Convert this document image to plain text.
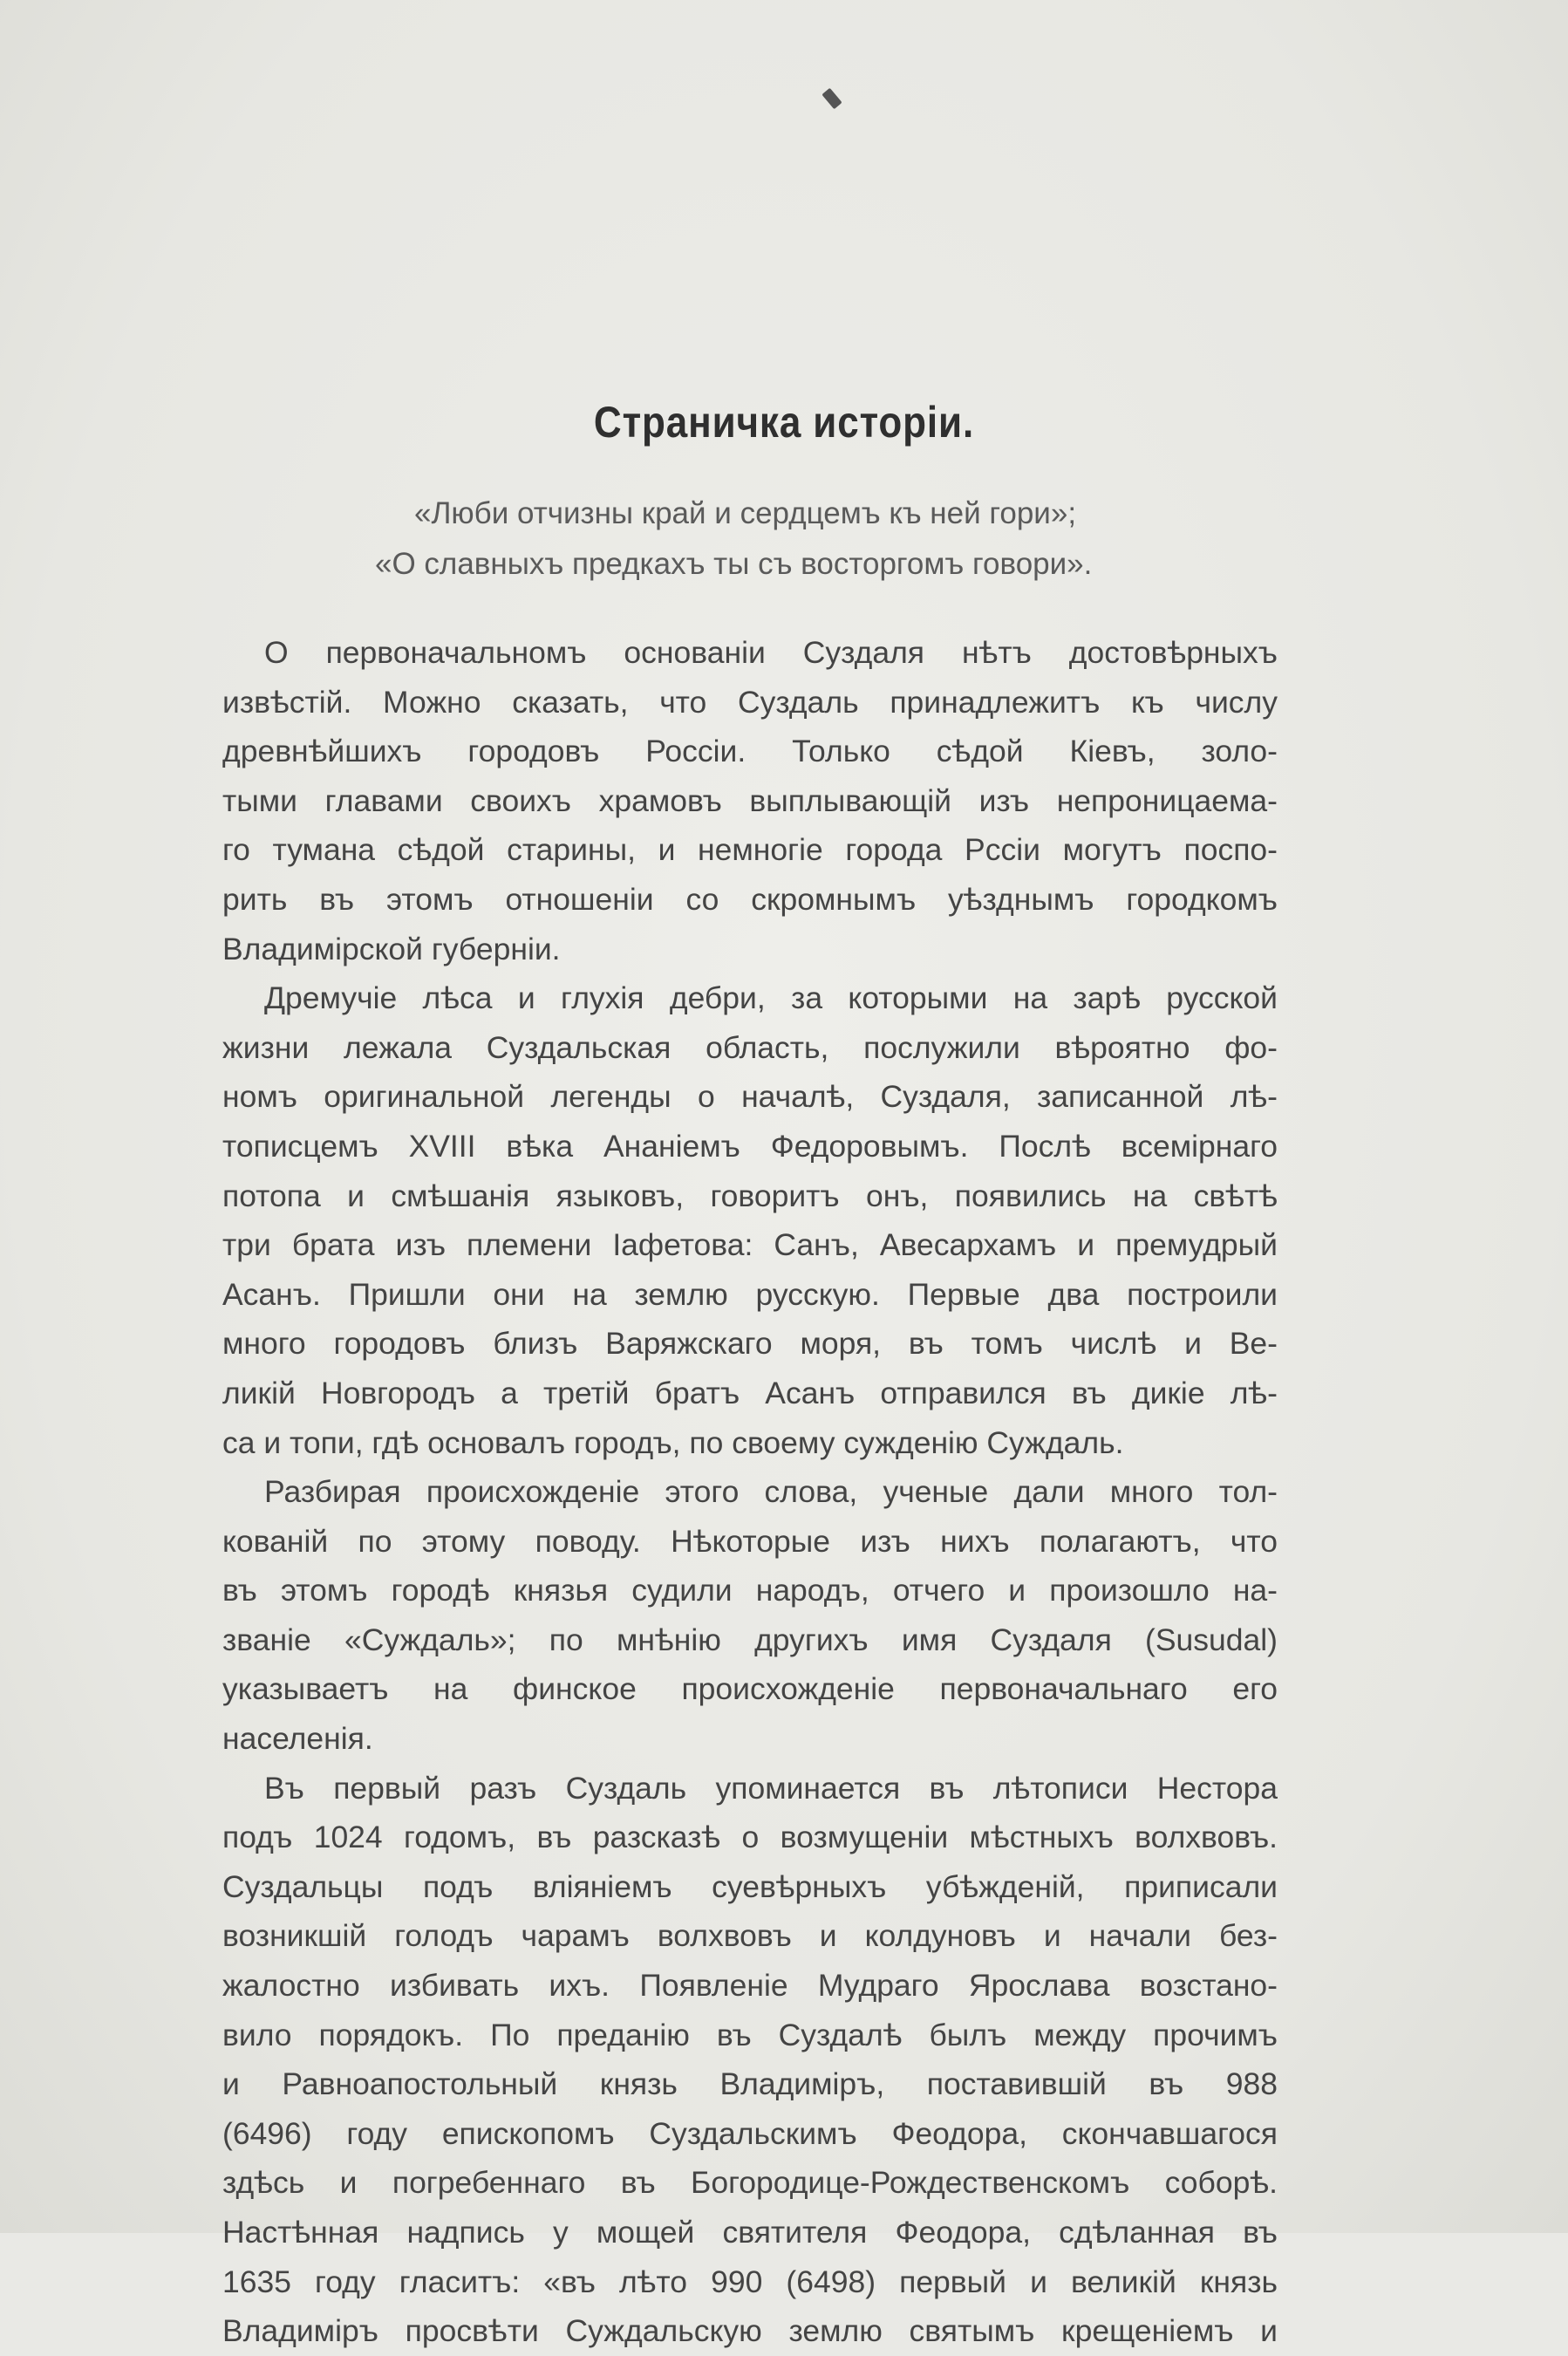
Страничка исторіи.
«Люби отчизны край и сердцемъ къ ней гори»;
«О славныхъ предкахъ ты съ восторгомъ говори».
О первоначальномъ основаніи Суздаля нѣтъ достовѣрныхъ
извѣстій. Можно сказать, что Суздаль принадлежитъ къ числу
древнѣйшихъ городовъ Россіи. Только сѣдой Кіевъ, золо-
тыми главами своихъ храмовъ выплывающій изъ непроницаема-
го тумана сѣдой старины, и немногіе города Рссіи могутъ поспо-
рить въ этомъ отношеніи со скромнымъ уѣзднымъ городкомъ
Владимірской губерніи.
Дремучіе лѣса и глухія дебри, за которыми на зарѣ русской
жизни лежала Суздальская область, послужили вѣроятно фо-
номъ оригинальной легенды о началѣ, Суздаля, записанной лѣ-
тописцемъ XVIII вѣка Ананіемъ Федоровымъ. Послѣ всемірнаго
потопа и смѣшанія языковъ, говоритъ онъ, появились на свѣтѣ
три брата изъ племени Іафетова: Санъ, Авесархамъ и премудрый
Асанъ. Пришли они на землю русскую. Первые два построили
много городовъ близъ Варяжскаго моря, въ томъ числѣ и Ве-
ликій Новгородъ а третій братъ Асанъ отправился въ дикіе лѣ-
са и топи, гдѣ основалъ городъ, по своему сужденію Суждаль.
Разбирая происхожденіе этого слова, ученые дали много тол-
кованій по этому поводу. Нѣкоторые изъ нихъ полагаютъ, что
въ этомъ городѣ князья судили народъ, отчего и произошло на-
званіе «Суждаль»; по мнѣнію другихъ имя Суздаля (Susudal)
указываетъ на финское происхожденіе первоначальнаго его
населенія.
Въ первый разъ Суздаль упоминается въ лѣтописи Нестора
подъ 1024 годомъ, въ разсказѣ о возмущеніи мѣстныхъ волхвовъ.
Суздальцы подъ вліяніемъ суевѣрныхъ убѣжденій, приписали
возникшій голодъ чарамъ волхвовъ и колдуновъ и начали без-
жалостно избивать ихъ. Появленіе Мудраго Ярослава возстано-
вило порядокъ. По преданію въ Суздалѣ былъ между прочимъ
и Равноапостольный князь Владиміръ, поставившій въ 988
(6496) году епископомъ Суздальскимъ Феодора, скончавшагося
здѣсь и погребеннаго въ Богородице-Рождественскомъ соборѣ.
Настѣнная надпись у мощей святителя Феодора, сдѣланная въ
1635 году гласитъ: «въ лѣто 990 (6498) первый и великій князь
Владиміръ просвѣти Суждальскую землю святымъ крещеніемъ и
